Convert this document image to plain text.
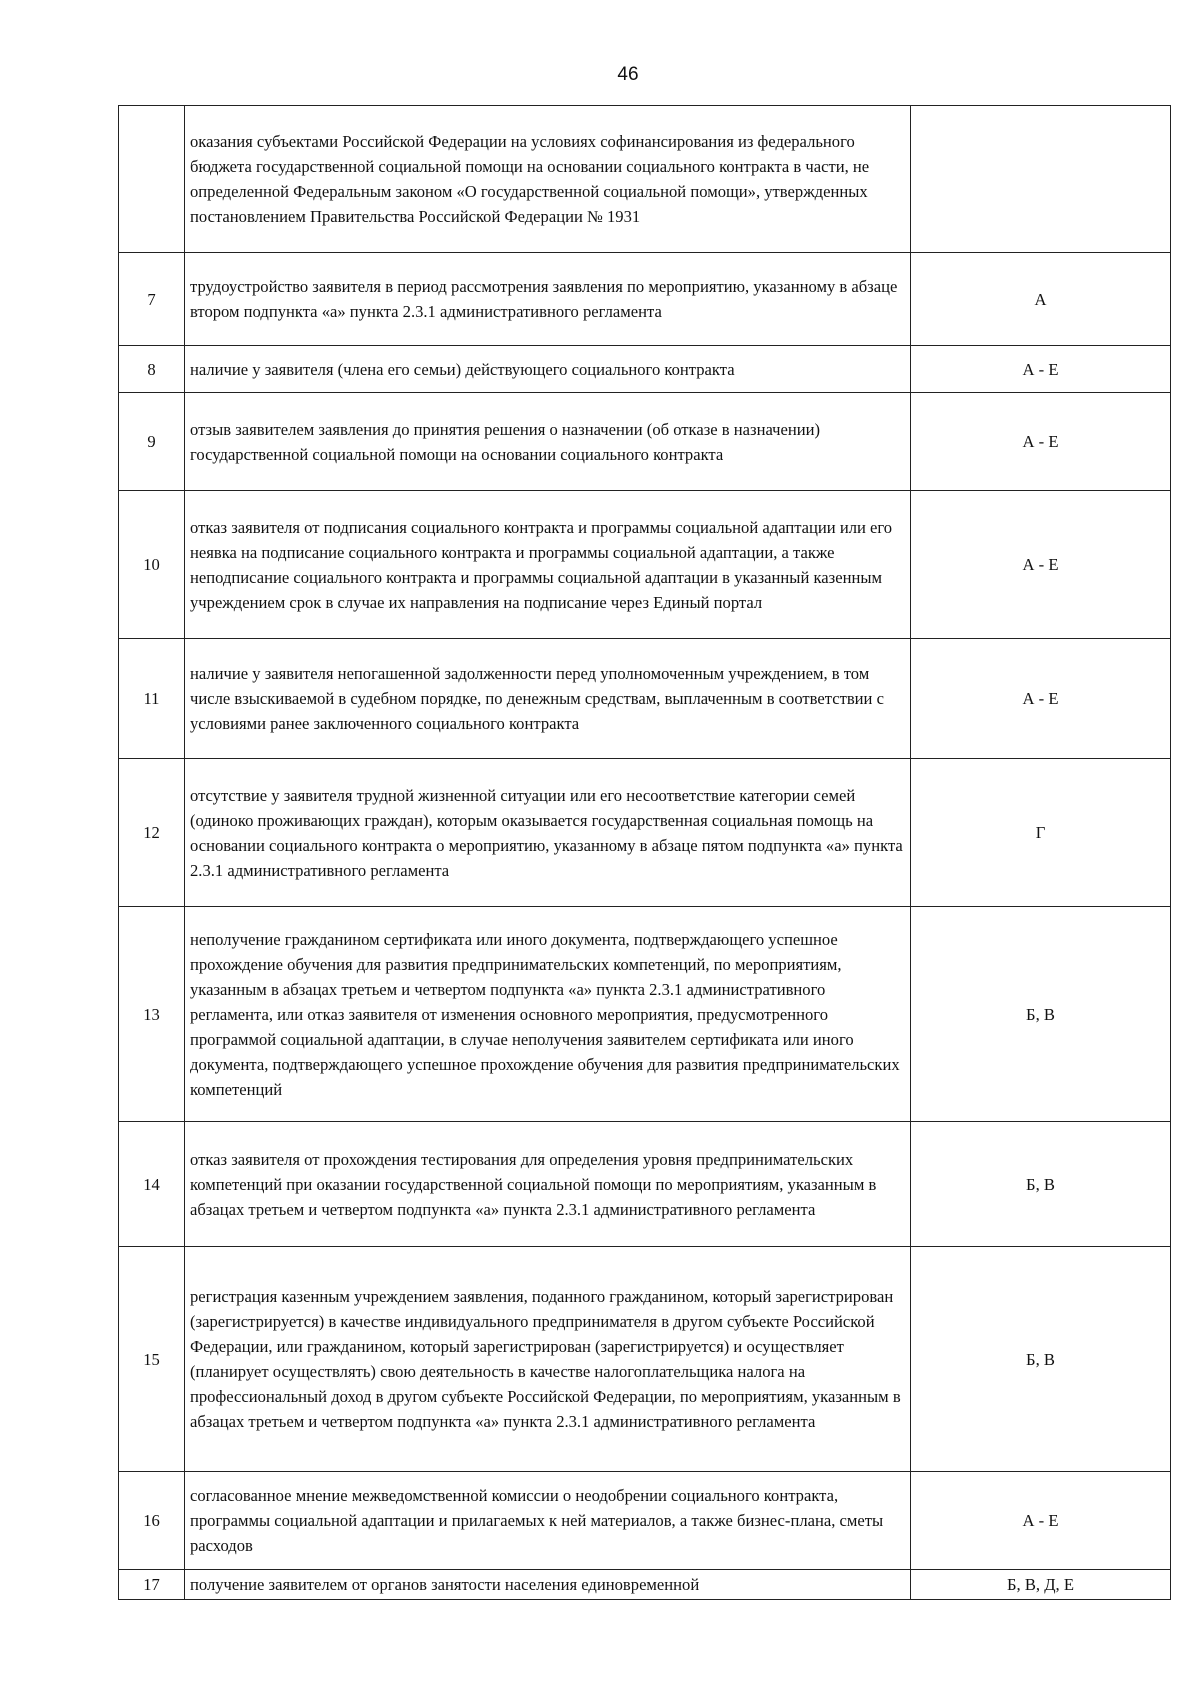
46
	оказания субъектами Российской Федерации на условиях софинансирования из федерального бюджета государственной социальной помощи на основании социального контракта в части, не определенной Федеральным законом «О государственной социальной помощи», утвержденных постановлением Правительства Российской Федерации № 1931	
7	трудоустройство заявителя в период рассмотрения заявления по мероприятию, указанному в абзаце втором подпункта «а» пункта 2.3.1 административного регламента	А
8	наличие у заявителя (члена его семьи) действующего социального контракта	А - Е
9	отзыв заявителем заявления до принятия решения о назначении (об отказе в назначении) государственной социальной помощи на основании социального контракта	А - Е
10	отказ заявителя от подписания социального контракта и программы социальной адаптации или его неявка на подписание социального контракта и программы социальной адаптации, а также неподписание социального контракта и программы социальной адаптации в указанный казенным учреждением срок в случае их направления на подписание через Единый портал	А - Е
11	наличие у заявителя непогашенной задолженности перед уполномоченным учреждением, в том числе взыскиваемой в судебном порядке, по денежным средствам, выплаченным в соответствии с условиями ранее заключенного социального контракта	А - Е
12	отсутствие у заявителя трудной жизненной ситуации или его несоответствие категории семей (одиноко проживающих граждан), которым оказывается государственная социальная помощь на основании социального контракта о мероприятию, указанному в абзаце пятом подпункта «а» пункта 2.3.1 административного регламента	Г
13	неполучение гражданином сертификата или иного документа, подтверждающего успешное прохождение обучения для развития предпринимательских компетенций, по мероприятиям, указанным в абзацах третьем и четвертом подпункта «а» пункта 2.3.1 административного регламента, или отказ заявителя от изменения основного мероприятия, предусмотренного программой социальной адаптации, в случае неполучения заявителем сертификата или иного документа, подтверждающего успешное прохождение обучения для развития предпринимательских компетенций	Б, В
14	отказ заявителя от прохождения тестирования для определения уровня предпринимательских компетенций при оказании государственной социальной помощи по мероприятиям, указанным в абзацах третьем и четвертом подпункта «а» пункта 2.3.1 административного регламента	Б, В
15	регистрация казенным учреждением заявления, поданного гражданином, который зарегистрирован (зарегистрируется) в качестве индивидуального предпринимателя в другом субъекте Российской Федерации, или гражданином, который зарегистрирован (зарегистрируется) и осуществляет (планирует осуществлять) свою деятельность в качестве налогоплательщика налога на профессиональный доход в другом субъекте Российской Федерации, по мероприятиям, указанным в абзацах третьем и четвертом подпункта «а» пункта 2.3.1 административного регламента	Б, В
16	согласованное мнение межведомственной комиссии о неодобрении социального контракта, программы социальной адаптации и прилагаемых к ней материалов, а также бизнес-плана, сметы расходов	А - Е
17	получение заявителем от органов занятости населения единовременной	Б, В, Д, Е
